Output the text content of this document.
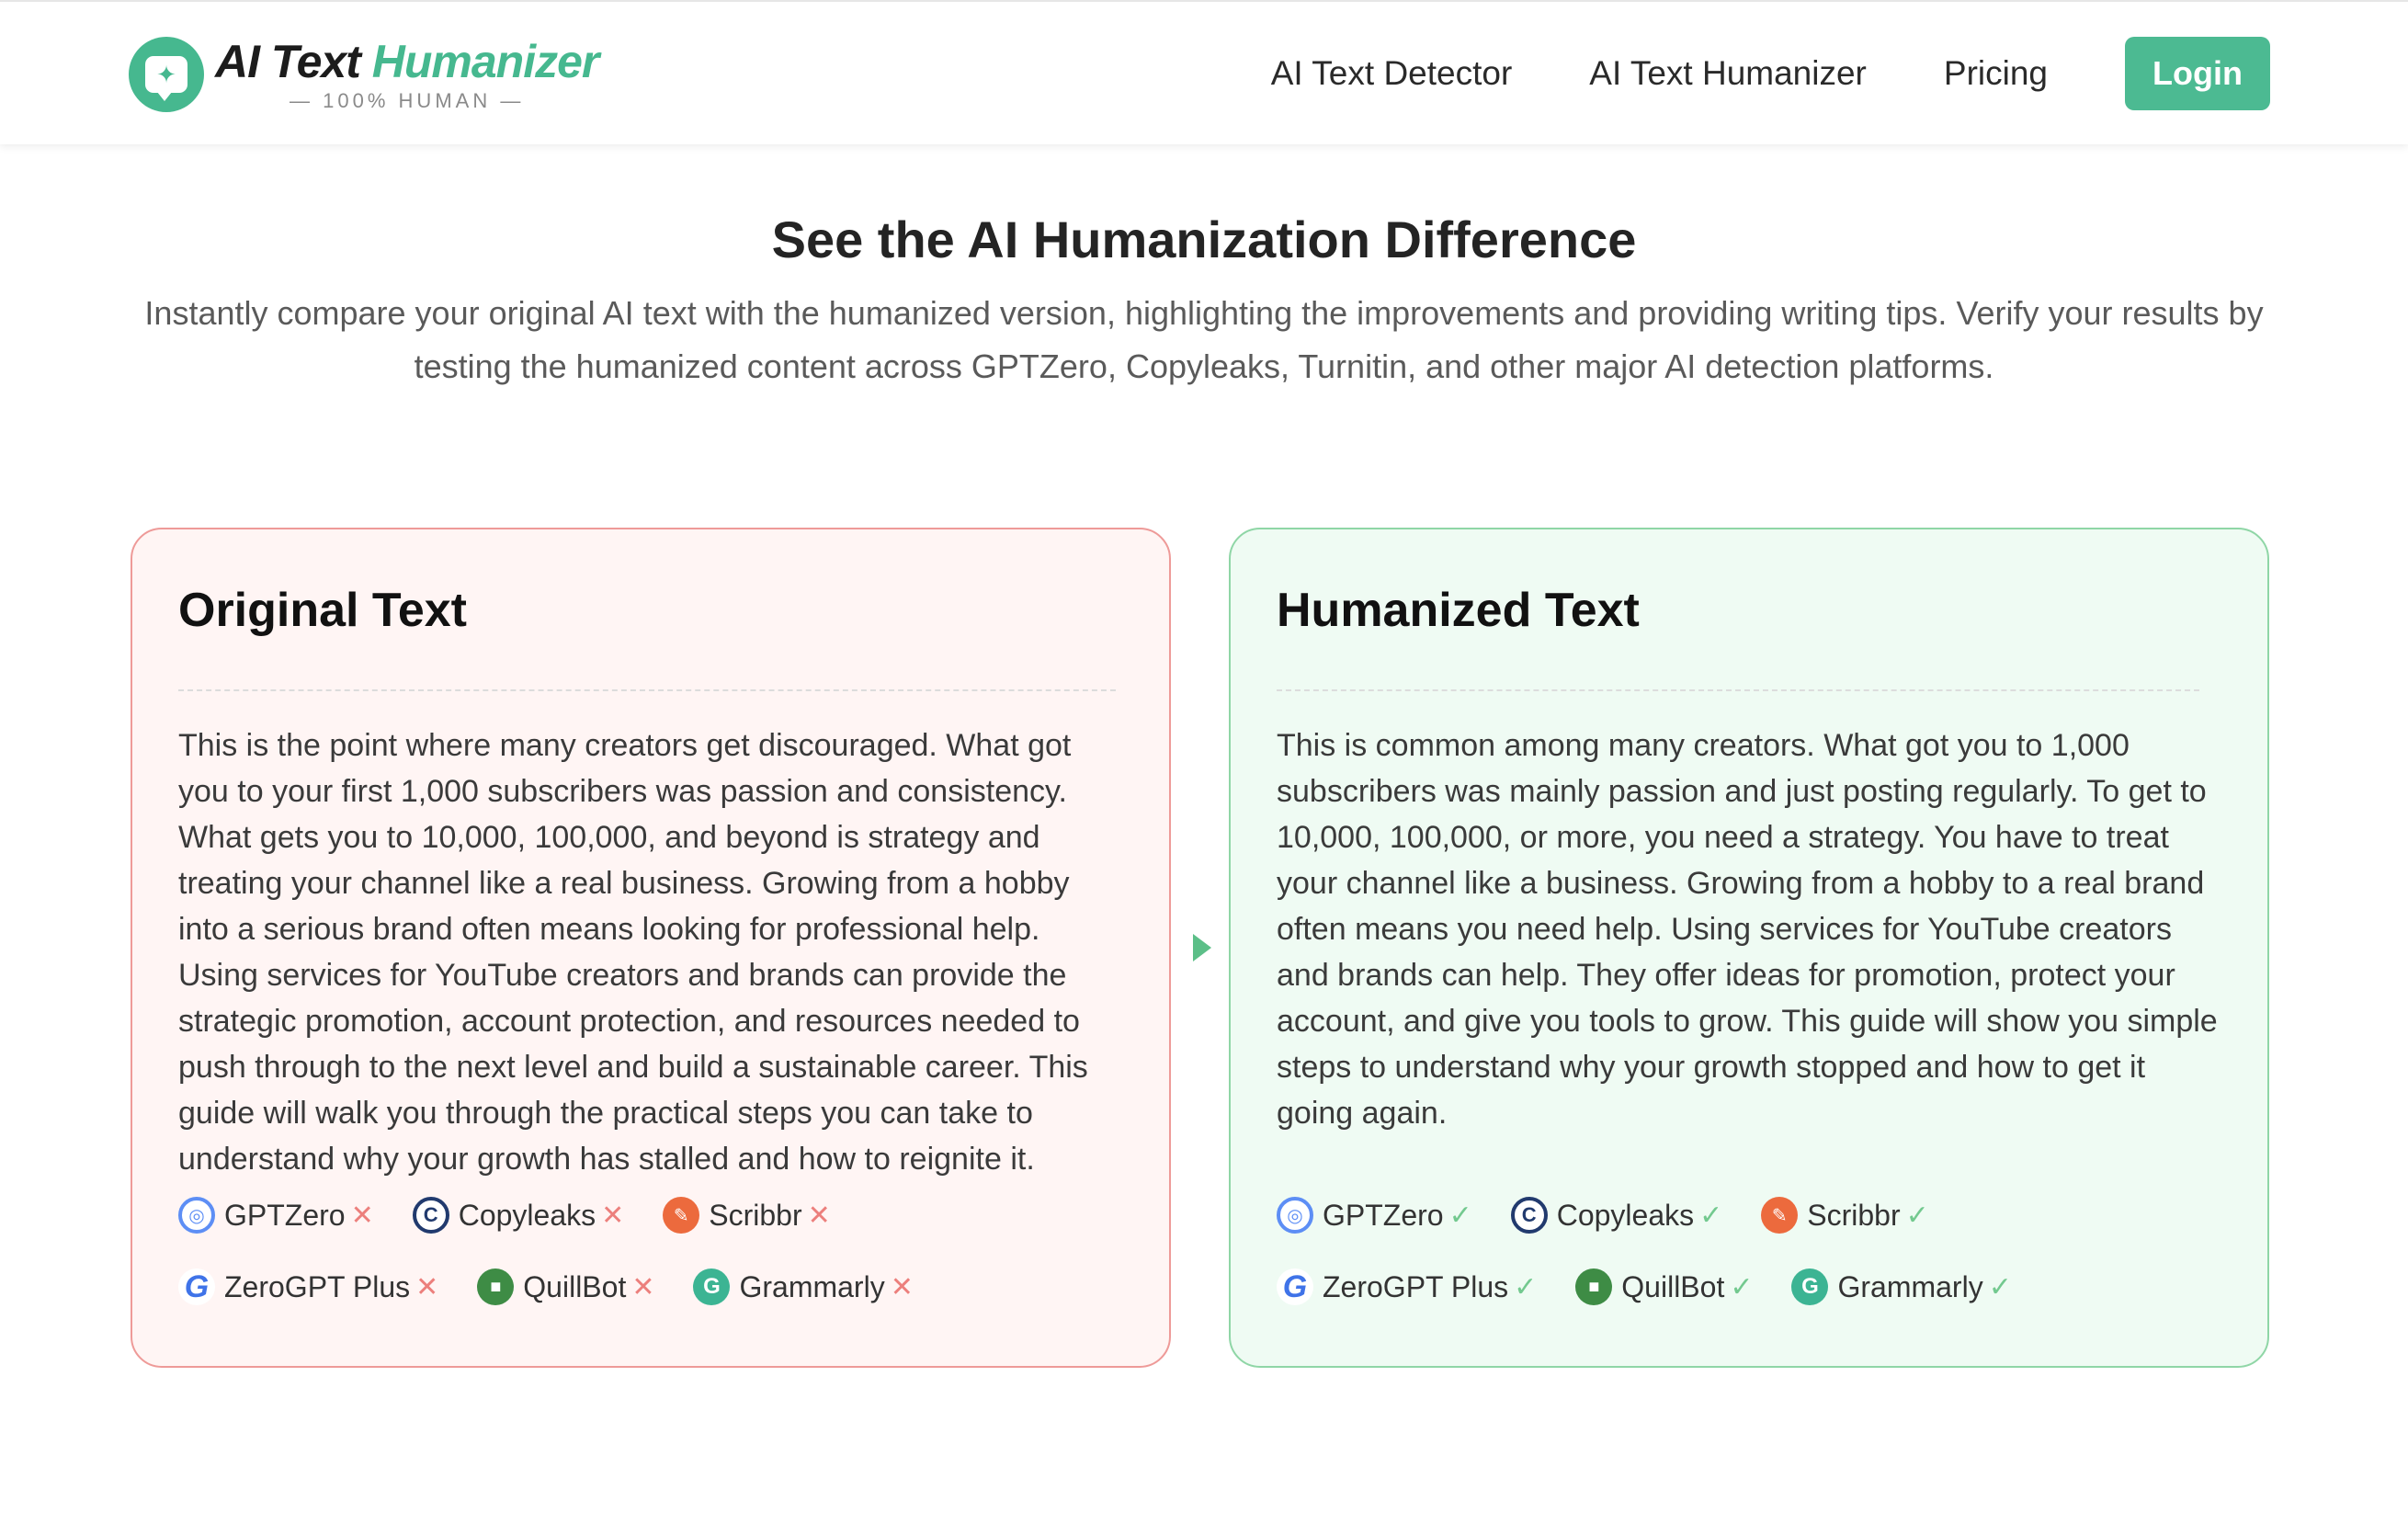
✦ AI Text Humanizer
— 100% HUMAN —
AI Text Detector AI Text Humanizer Pricing	Login
See the AI Humanization Difference

Instantly compare your original AI text with the humanized version, highlighting the improvements and providing writing tips. Verify your results by testing the humanized content across GPTZero, Copyleaks, Turnitin, and other major AI detection platforms.

Original Text
This is the point where many creators get discouraged. What got you to your first 1,000 subscribers was passion and consistency. What gets you to 10,000, 100,000, and beyond is strategy and treating your channel like a real business. Growing from a hobby into a serious brand often means looking for professional help. Using services for YouTube creators and brands can provide the strategic promotion, account protection, and resources needed to push through to the next level and build a sustainable career. This guide will walk you through the practical steps you can take to understand why your growth has stalled and how to reignite it.
◎ GPTZero ✕	C Copyleaks ✕	✎ Scribbr ✕
G ZeroGPT Plus ✕	■ QuillBot ✕	G Grammarly ✕
Humanized Text
This is common among many creators. What got you to 1,000 subscribers was mainly passion and just posting regularly. To get to 10,000, 100,000, or more, you need a strategy. You have to treat your channel like a business. Growing from a hobby to a real brand often means you need help. Using services for YouTube creators and brands can help. They offer ideas for promotion, protect your account, and give you tools to grow. This guide will show you simple steps to understand why your growth stopped and how to get it going again.
◎ GPTZero ✓	C Copyleaks ✓	✎ Scribbr ✓
G ZeroGPT Plus ✓	■ QuillBot ✓	G Grammarly ✓
